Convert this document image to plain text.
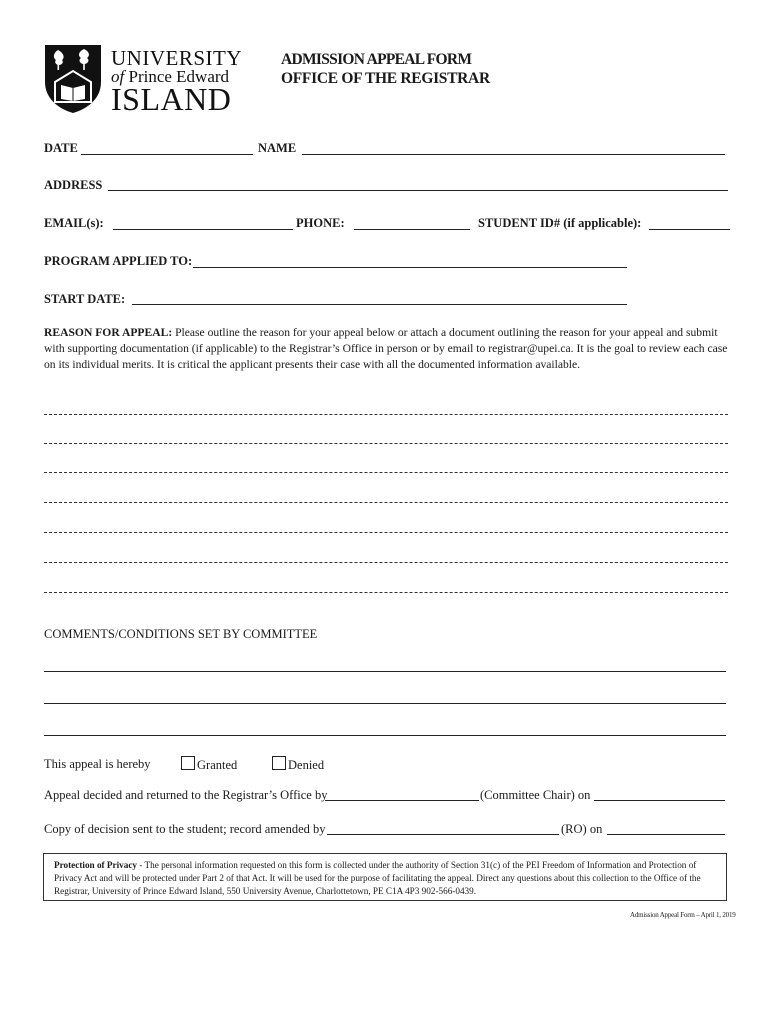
UNIVERSITY
of Prince Edward
ISLAND
ADMISSION APPEAL FORM
OFFICE OF THE REGISTRAR
DATE	NAME
ADDRESS
EMAIL(s):	PHONE:	STUDENT ID# (if applicable):
PROGRAM APPLIED TO:
START DATE:
REASON FOR APPEAL: Please outline the reason for your appeal below or attach a document outlining the reason for your appeal and submit with supporting documentation (if applicable) to the Registrar’s Office in person or by email to registrar@upei.ca. It is the goal to review each case on its individual merits. It is critical the applicant presents their case with all the documented information available.
COMMENTS/CONDITIONS SET BY COMMITTEE
This appeal is hereby	Granted	Denied
Appeal decided and returned to the Registrar’s Office by	(Committee Chair) on
Copy of decision sent to the student; record amended by	(RO) on
Protection of Privacy - The personal information requested on this form is collected under the authority of Section 31(c) of the PEI Freedom of Information and Protection of Privacy Act and will be protected under Part 2 of that Act. It will be used for the purpose of facilitating the appeal. Direct any questions about this collection to the Office of the Registrar, University of Prince Edward Island, 550 University Avenue, Charlottetown, PE C1A 4P3 902-566-0439.
Admission Appeal Form – April 1, 2019
